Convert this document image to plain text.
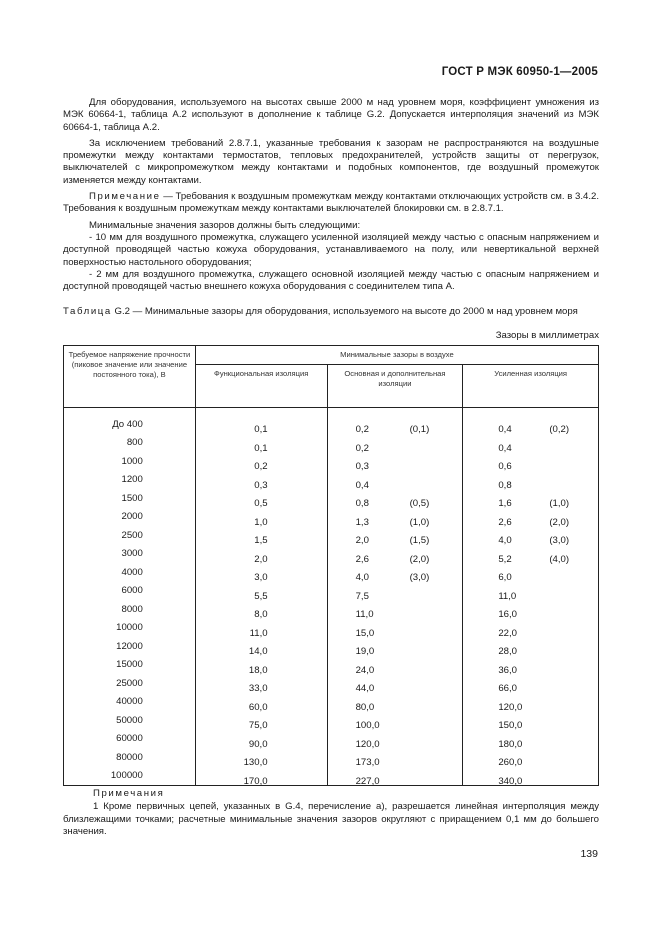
ГОСТ Р МЭК 60950-1—2005

Для оборудования, используемого на высотах свыше 2000 м над уровнем моря, коэффициент умножения из МЭК 60664-1, таблица А.2 используют в дополнение к таблице G.2. Допускается интерполяция значений из МЭК 60664-1, таблица А.2.

За исключением требований 2.8.7.1, указанные требования к зазорам не распространяются на воздушные промежутки между контактами термостатов, тепловых предохранителей, устройств защиты от перегрузок, выключателей с микропромежутком между контактами и подобных компонентов, где воздушный промежуток изменяется между контактами.

Примечание — Требования к воздушным промежуткам между контактами отключающих устройств см. в 3.4.2. Требования к воздушным промежуткам между контактами выключателей блокировки см. в 2.8.7.1.

Минимальные значения зазоров должны быть следующими:

- 10 мм для воздушного промежутка, служащего усиленной изоляцией между частью с опасным напряжением и доступной проводящей частью кожуха оборудования, устанавливаемого на полу, или невертикальной верхней поверхностью настольного оборудования;

- 2 мм для воздушного промежутка, служащего основной изоляцией между частью с опасным напряжением и доступной проводящей частью внешнего кожуха оборудования с соединителем типа А.

Таблица G.2 — Минимальные зазоры для оборудования, используемого на высоте до 2000 м над уровнем моря
Зазоры в миллиметрах
Требуемое напряжение прочности (пиковое значение или значение постоянного тока), В	Минимальные зазоры в воздухе		
	Функциональная изоляция	Основная и дополнительная изоляции	Усиленная изоляция
До 400	0,1	0,2 (0,1)	0,4 (0,2)

800	0,1	0,2	0,4

1000	0,2	0,3	0,6

1200	0,3	0,4	0,8

1500	0,5	0,8 (0,5)	1,6 (1,0)

2000	1,0	1,3 (1,0)	2,6 (2,0)

2500	1,5	2,0 (1,5)	4,0 (3,0)

3000	2,0	2,6 (2,0)	5,2 (4,0)

4000	3,0	4,0 (3,0)	6,0

6000	5,5	7,5	11,0

8000	8,0	11,0	16,0

10000	11,0	15,0	22,0

12000	14,0	19,0	28,0

15000	18,0	24,0	36,0

25000	33,0	44,0	66,0

40000	60,0	80,0	120,0

50000	75,0	100,0	150,0

60000	90,0	120,0	180,0

80000	130,0	173,0	260,0

100000	170,0	227,0	340,0

Примечания

1 Кроме первичных цепей, указанных в G.4, перечисление а), разрешается линейная интерполяция между близлежащими точками; расчетные минимальные значения зазоров округляют с приращением 0,1 мм до большего значения.

139
